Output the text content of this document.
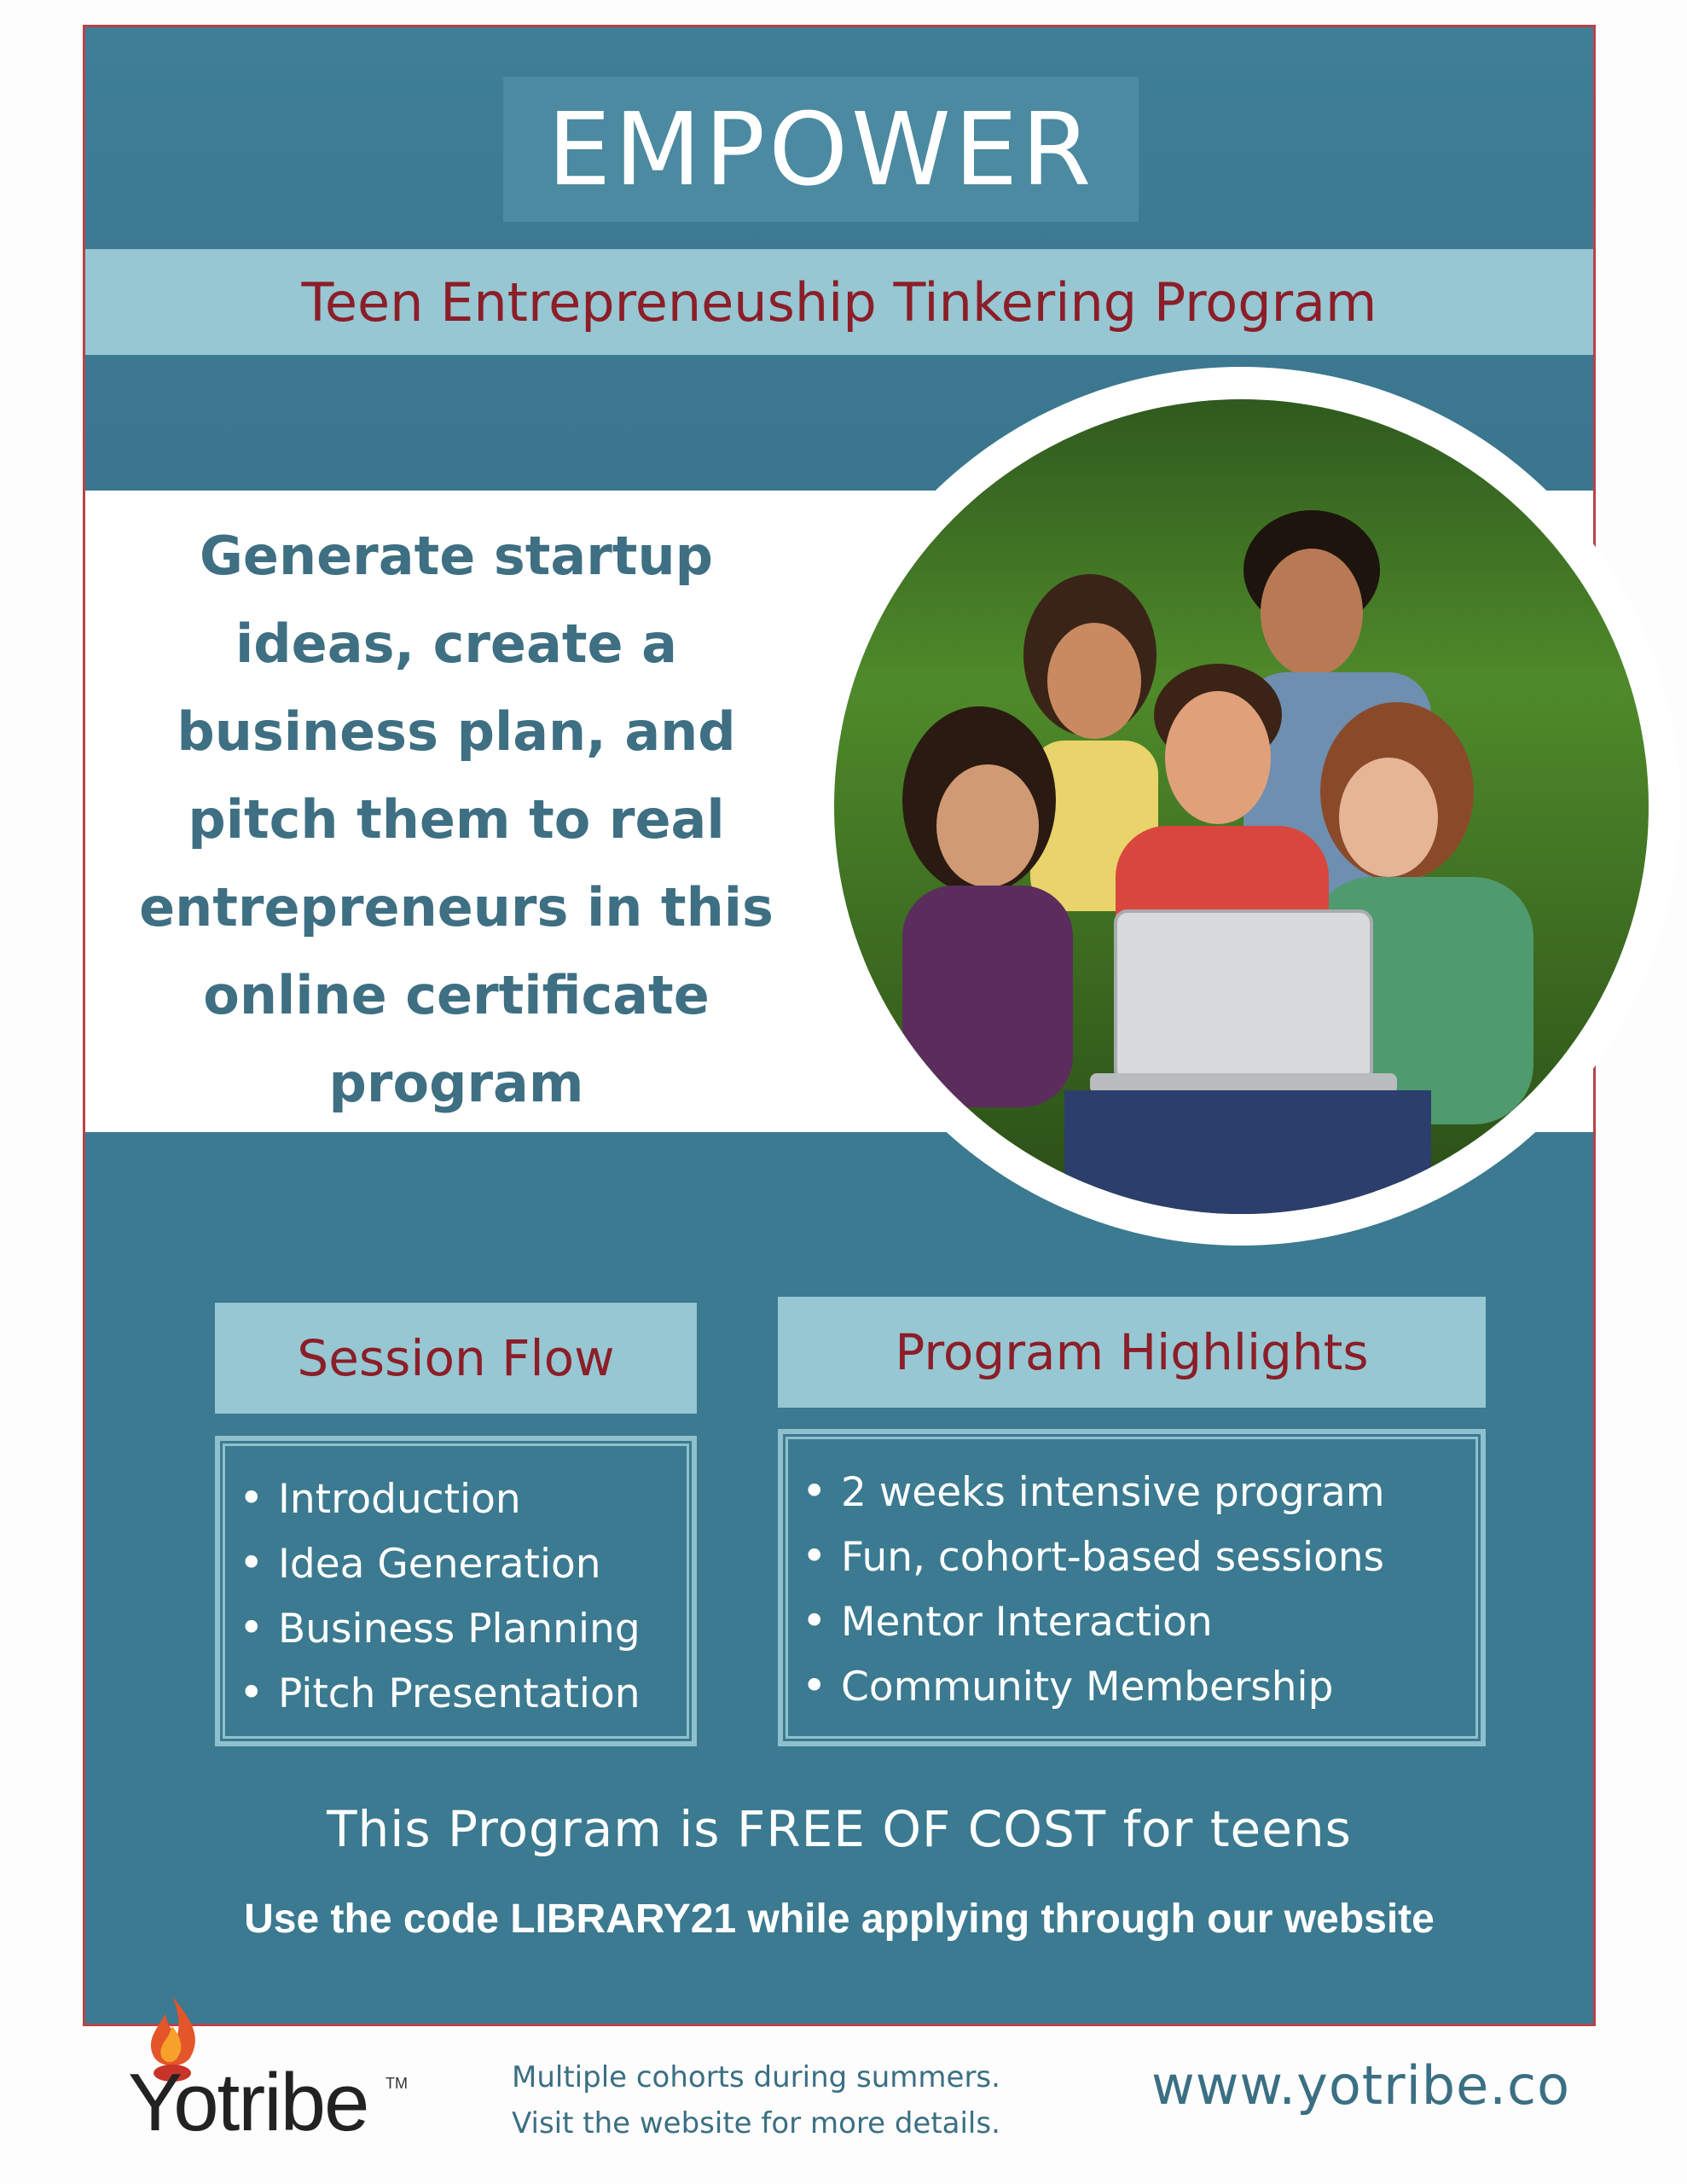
EMPOWER
Teen Entrepreneuship Tinkering Program
Generate startup
ideas, create a
business plan, and
pitch them to real
entrepreneurs in this
online certificate
program
Session Flow
• Introduction
• Idea Generation
• Business Planning
• Pitch Presentation
Program Highlights
• 2 weeks intensive program
• Fun, cohort-based sessions
• Mentor Interaction
• Community Membership
This Program is FREE OF COST for teens
Use the code LIBRARY21 while applying through our website
Yotribe TM	Multiple cohorts during summers.
Visit the website for more details.
www.yotribe.co
